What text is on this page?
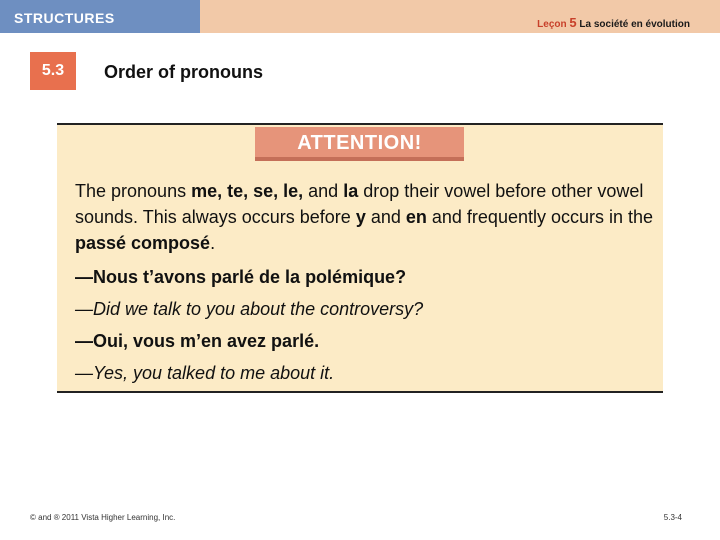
STRUCTURES	Leçon 5 La société en évolution
5.3	Order of pronouns
ATTENTION!
The pronouns me, te, se, le, and la drop their vowel before other vowel sounds. This always occurs before y and en and frequently occurs in the passé composé.
—Nous t’avons parlé de la polémique?
—Did we talk to you about the controversy?
—Oui, vous m’en avez parlé.
—Yes, you talked to me about it.
© and ® 2011 Vista Higher Learning, Inc.	5.3-4
